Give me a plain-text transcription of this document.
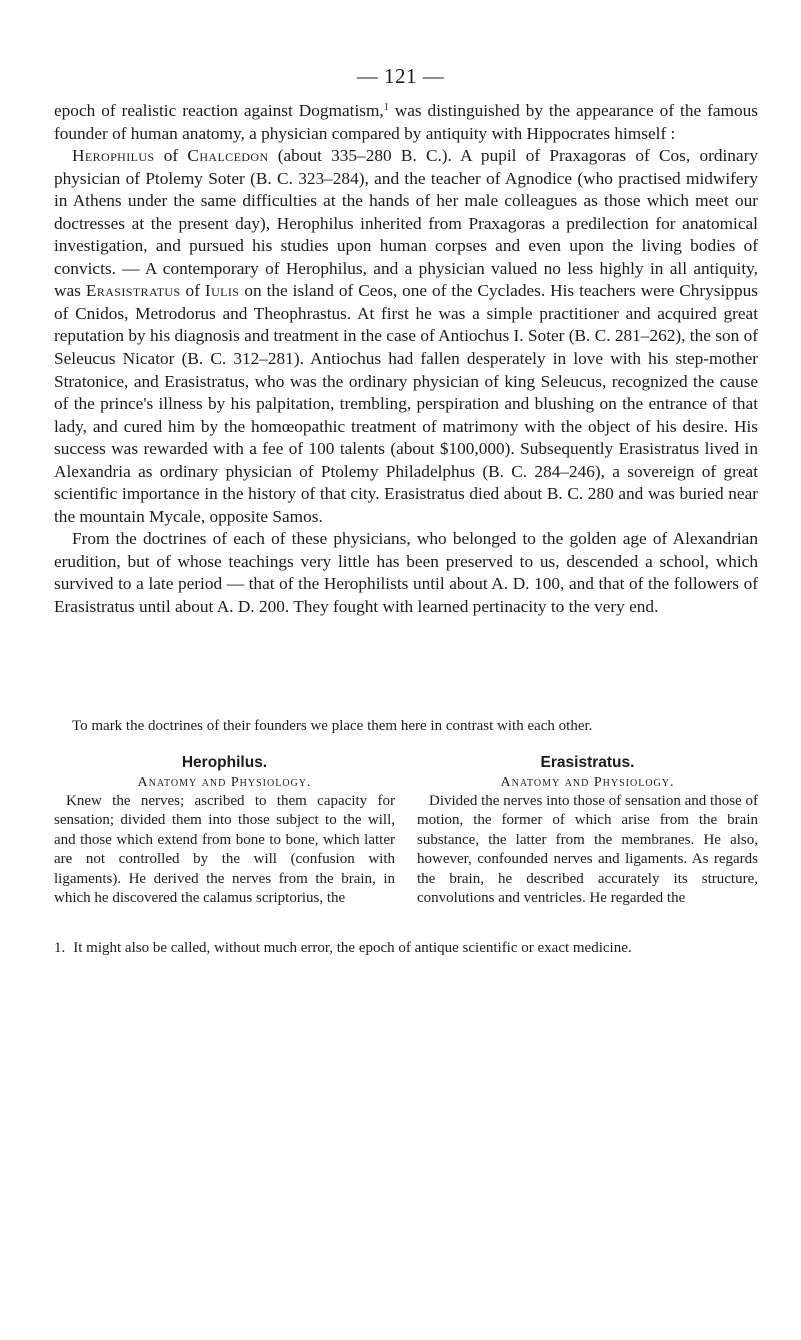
— 121 —

epoch of realistic reaction against Dogmatism,$^1$ was distinguished by the appearance of the famous founder of human anatomy, a physician compared by antiquity with Hippocrates himself :

Herophilus of Chalcedon (about 335–280 B. C.). A pupil of Praxagoras of Cos, ordinary physician of Ptolemy Soter (B. C. 323–284), and the teacher of Agnodice (who practised midwifery in Athens under the same difficulties at the hands of her male colleagues as those which meet our doctresses at the present day), Herophilus inherited from Praxagoras a predilection for anatomical investigation, and pursued his studies upon human corpses and even upon the living bodies of convicts. — A contemporary of Herophilus, and a physician valued no less highly in all antiquity, was Erasistratus of Iulis on the island of Ceos, one of the Cyclades. His teachers were Chrysippus of Cnidos, Metrodorus and Theophrastus. At first he was a simple practitioner and acquired great reputation by his diagnosis and treatment in the case of Antiochus I. Soter (B. C. 281–262), the son of Seleucus Nicator (B. C. 312–281). Antiochus had fallen desperately in love with his step-mother Stratonice, and Erasistratus, who was the ordinary physician of king Seleucus, recognized the cause of the prince's illness by his palpitation, trembling, perspiration and blushing on the entrance of that lady, and cured him by the homœopathic treatment of matrimony with the object of his desire. His success was rewarded with a fee of 100 talents (about $100,000). Subsequently Erasistratus lived in Alexandria as ordinary physician of Ptolemy Philadelphus (B. C. 284–246), a sovereign of great scientific importance in the history of that city. Erasistratus died about B. C. 280 and was buried near the mountain Mycale, opposite Samos.

From the doctrines of each of these physicians, who belonged to the golden age of Alexandrian erudition, but of whose teachings very little has been preserved to us, descended a school, which survived to a late period — that of the Herophilists until about A. D. 100, and that of the followers of Erasistratus until about A. D. 200. They fought with learned pertinacity to the very end.

To mark the doctrines of their founders we place them here in contrast with each other.
Herophilus.
Anatomy and Physiology.

Knew the nerves; ascribed to them capacity for sensation; divided them into those subject to the will, and those which extend from bone to bone, which latter are not controlled by the will (confusion with ligaments). He derived the nerves from the brain, in which he discovered the calamus scriptorius, the

Erasistratus.
Anatomy and Physiology.

Divided the nerves into those of sensation and those of motion, the former of which arise from the brain substance, the latter from the membranes. He also, however, confounded nerves and ligaments. As regards the brain, he described accurately its structure, convolutions and ventricles. He regarded the

1. It might also be called, without much error, the epoch of antique scientific or exact medicine.
